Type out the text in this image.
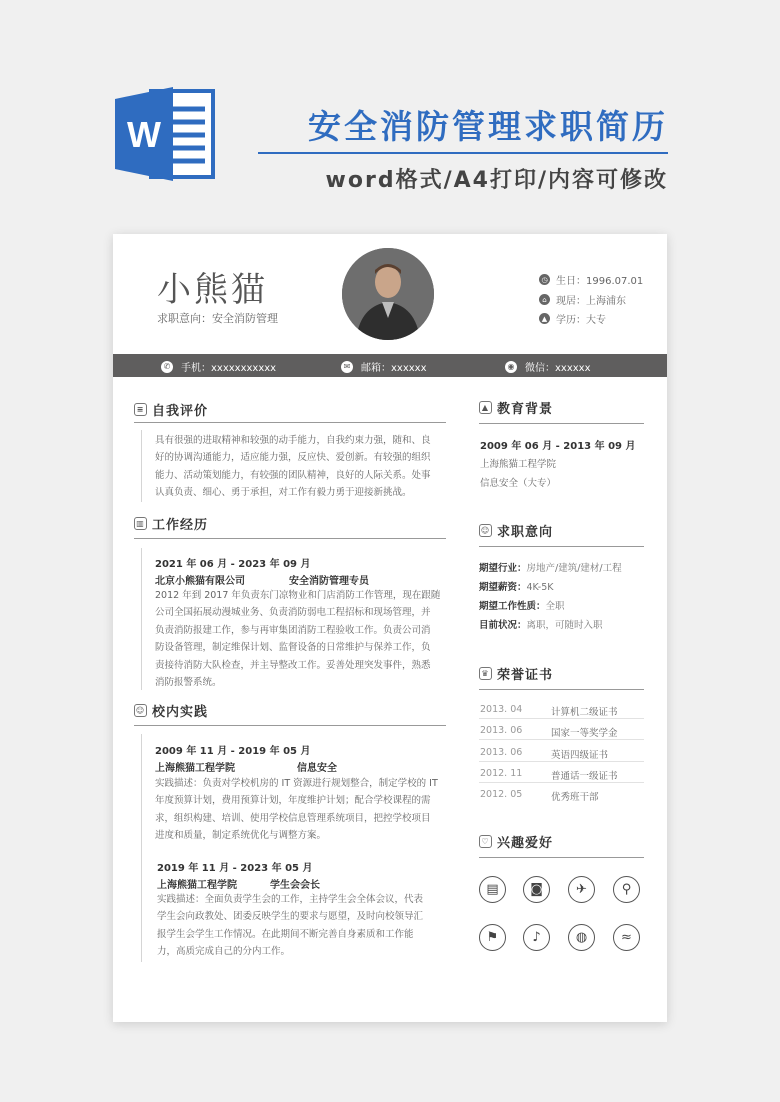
W	安全消防管理求职简历
word格式/A4打印/内容可修改
小熊猫
求职意向：安全消防管理
◷ 生日：1996.07.01
⌂ 现居：上海浦东
▲ 学历：大专
✆ 手机：xxxxxxxxxxx	✉ 邮箱：xxxxxx	◉ 微信：xxxxxx
≡ 自我评价
具有很强的进取精神和较强的动手能力，自我约束力强，随和、良
好的协调沟通能力，适应能力强，反应快、爱创新。有较强的组织
能力、活动策划能力，有较强的团队精神，良好的人际关系。处事
认真负责、细心、勇于承担，对工作有毅力勇于迎接新挑战。
▥ 工作经历
2021 年 06 月 - 2023 年 09 月
北京小熊猫有限公司	安全消防管理专员
2012 年到 2017 年负责东门凉物业和门店消防工作管理，现在跟随
公司全国拓展动漫城业务、负责消防弱电工程招标和现场管理，并
负责消防报建工作，参与再审集团消防工程验收工作。负责公司消
防设备管理，制定维保计划、监督设备的日常维护与保养工作，负
责接待消防大队检查，并主导整改工作。妥善处理突发事件，熟悉
消防报警系统。
☺ 校内实践
2009 年 11 月 - 2019 年 05 月
上海熊猫工程学院	信息安全
实践描述：负责对学校机房的 IT 资源进行规划整合，制定学校的 IT
年度预算计划，费用预算计划，年度维护计划；配合学校课程的需
求，组织构建、培训、使用学校信息管理系统项目，把控学校项目
进度和质量，制定系统优化与调整方案。
2019 年 11 月 - 2023 年 05 月
上海熊猫工程学院	学生会会长
实践描述：全面负责学生会的工作，主持学生会全体会议，代表
学生会向政教处、团委反映学生的要求与愿望，及时向校领导汇
报学生会学生工作情况。在此期间不断完善自身素质和工作能
力，高质完成自己的分内工作。
▲ 教育背景
2009 年 06 月 - 2013 年 09 月
上海熊猫工程学院
信息安全（大专）
☺ 求职意向
期望行业：房地产/建筑/建材/工程
期望薪资：4K-5K
期望工作性质：全职
目前状况：离职，可随时入职
♛ 荣誉证书
2013. 04	计算机二级证书
2013. 06	国家一等奖学金
2013. 06	英语四级证书
2012. 11	普通话一级证书
2012. 05	优秀班干部
♡ 兴趣爱好
▤	◙	✈	⚲
⚑	♪	◍	≈
